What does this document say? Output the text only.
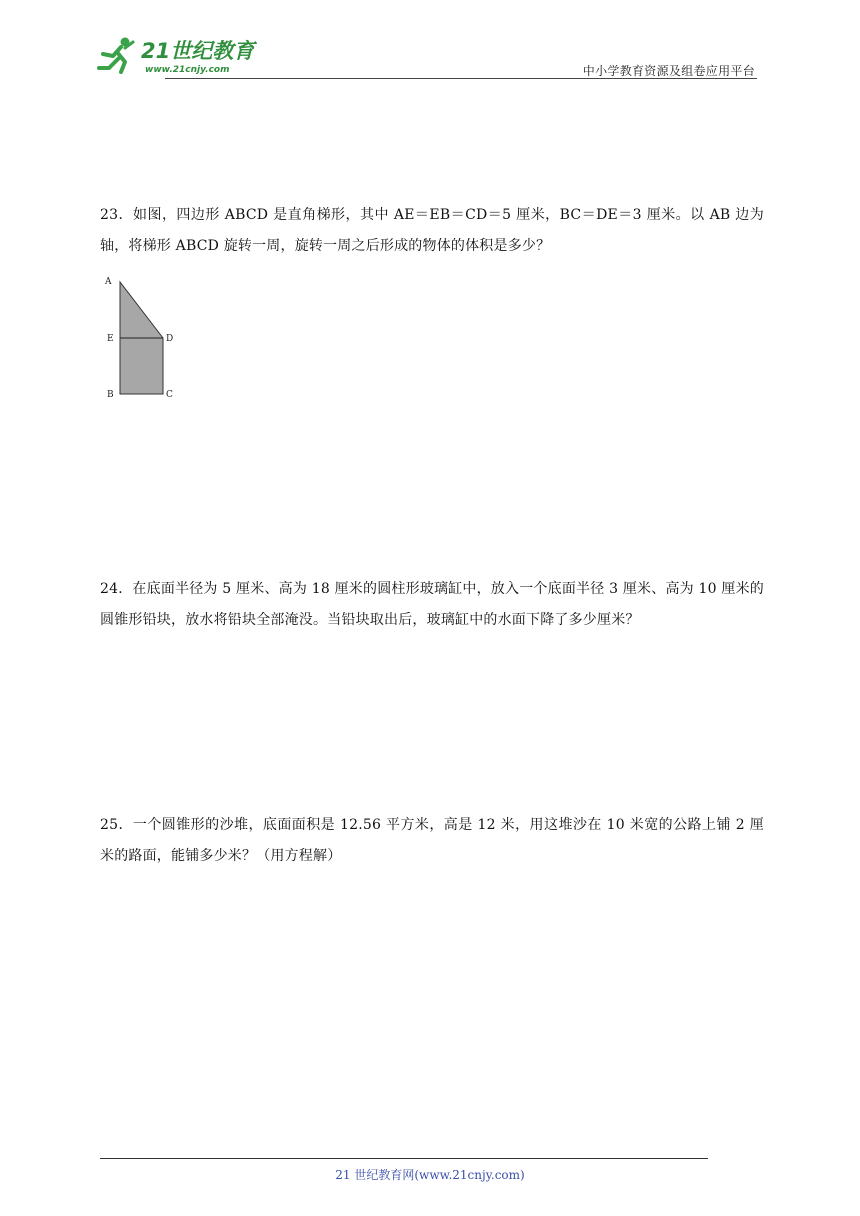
21世纪教育
www.21cnjy.com	中小学教育资源及组卷应用平台
23．如图，四边形 ABCD 是直角梯形，其中 AE＝EB＝CD＝5 厘米，BC＝DE＝3 厘米。以 AB 边为轴，将梯形 ABCD 旋转一周，旋转一周之后形成的物体的体积是多少？
A
E	D
B	C
24．在底面半径为 5 厘米、高为 18 厘米的圆柱形玻璃缸中，放入一个底面半径 3 厘米、高为 10 厘米的圆锥形铅块，放水将铅块全部淹没。当铅块取出后，玻璃缸中的水面下降了多少厘米？
25．一个圆锥形的沙堆，底面面积是 12.56 平方米，高是 12 米，用这堆沙在 10 米宽的公路上铺 2 厘米的路面，能铺多少米？（用方程解）
21 世纪教育网(www.21cnjy.com)
